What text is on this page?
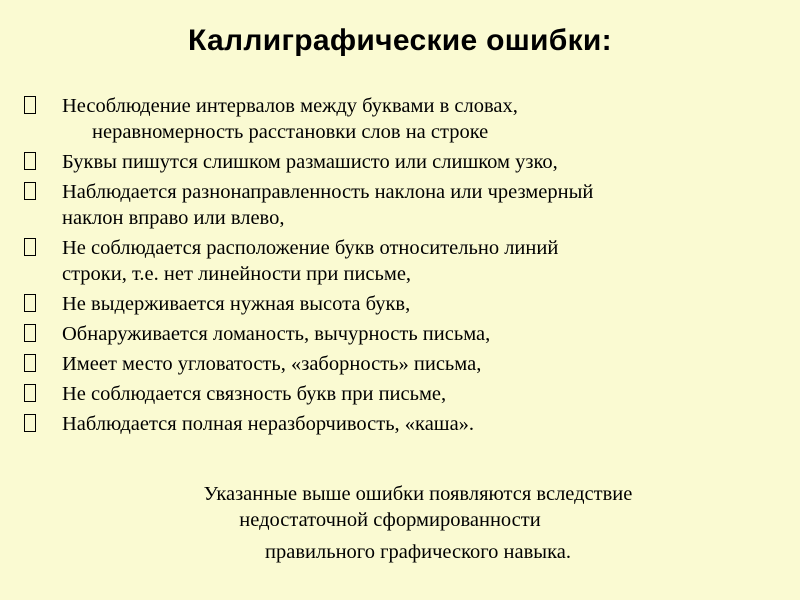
Каллиграфические ошибки:
Несоблюдение интервалов между буквами в словах,
неравномерность расстановки слов на строке
Буквы пишутся слишком размашисто или слишком узко,
Наблюдается разнонаправленность наклона или чрезмерный
наклон вправо или влево,
Не соблюдается расположение букв относительно линий
строки, т.е. нет линейности при письме,
Не выдерживается нужная высота букв,
Обнаруживается ломаность, вычурность письма,
Имеет место угловатость, «заборность» письма,
Не соблюдается связность букв при письме,
Наблюдается полная неразборчивость, «каша».
Указанные выше ошибки появляются вследствие
недостаточной сформированности
правильного графического навыка.
